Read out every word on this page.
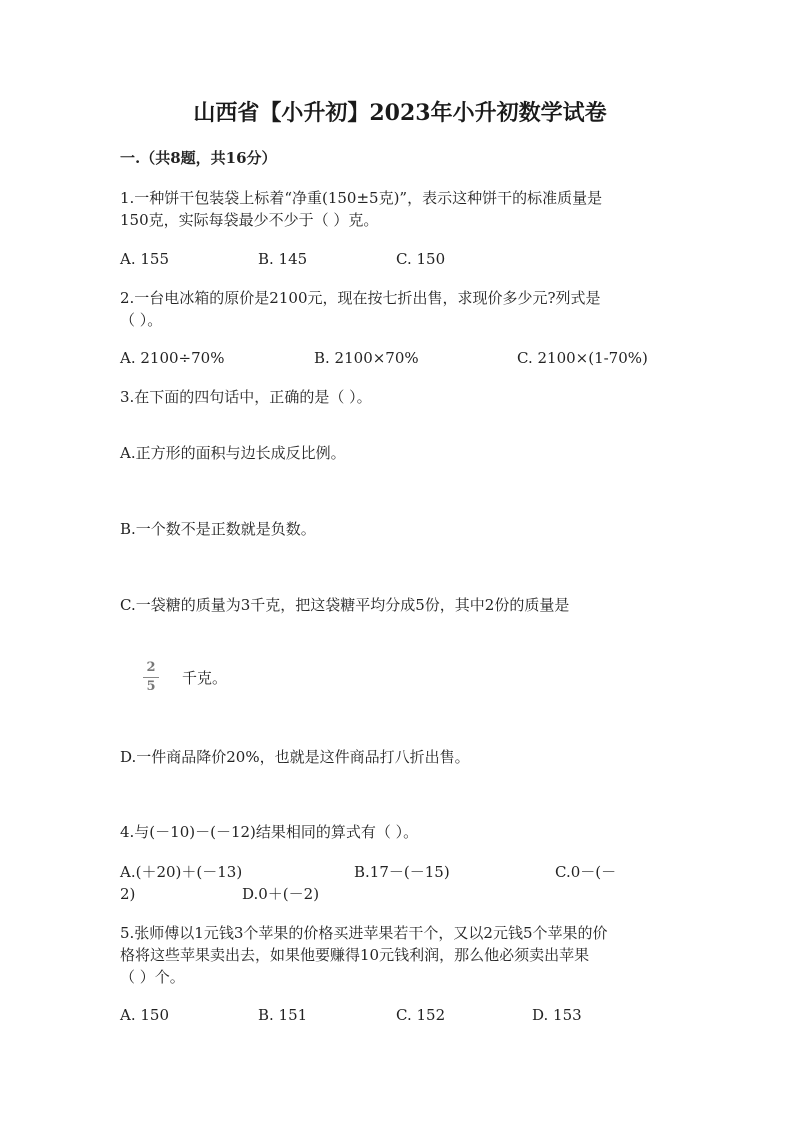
山西省【小升初】2023年小升初数学试卷
一.（共8题，共16分）
1.一种饼干包装袋上标着“净重(150±5克)”，表示这种饼干的标准质量是
150克，实际每袋最少不少于（ ）克。
A. 155	B. 145	C. 150
2.一台电冰箱的原价是2100元，现在按七折出售，求现价多少元?列式是
（ ）。
A. 2100÷70%	B. 2100×70%	C. 2100×(1-70%)
3.在下面的四句话中，正确的是（ ）。
A.正方形的面积与边长成反比例。
B.一个数不是正数就是负数。
C.一袋糖的质量为3千克，把这袋糖平均分成5份，其中2份的质量是
2
5 千克。
D.一件商品降价20%，也就是这件商品打八折出售。
4.与(－10)－(－12)结果相同的算式有（ ）。
A.(＋20)＋(－13)	B.17－(－15)	C.0－(－
2)	D.0＋(－2)
5.张师傅以1元钱3个苹果的价格买进苹果若干个，又以2元钱5个苹果的价
格将这些苹果卖出去，如果他要赚得10元钱利润，那么他必须卖出苹果
（ ）个。
A. 150	B. 151	C. 152	D. 153
